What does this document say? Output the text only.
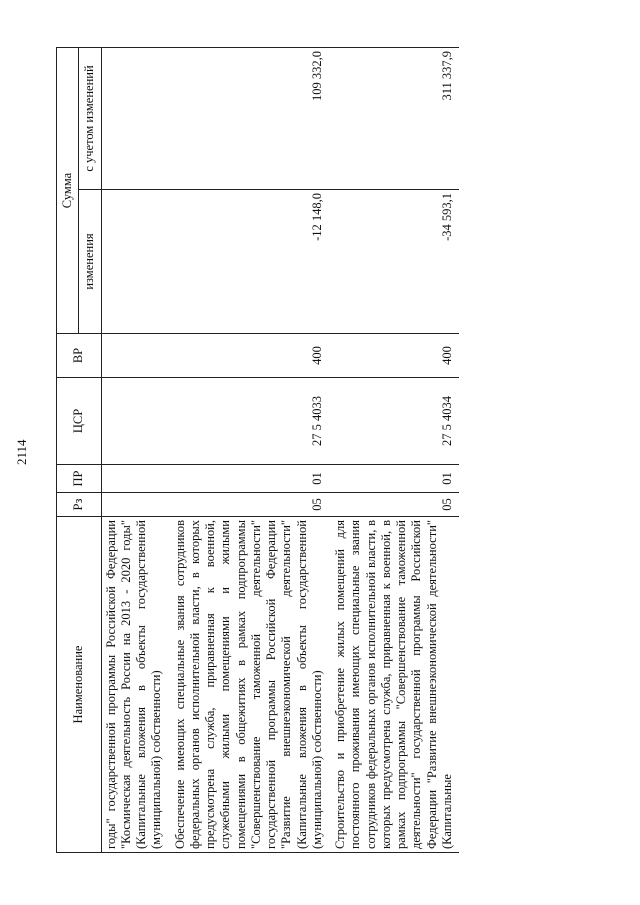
2114
Наименование	Рз	ПР	ЦСР	ВР	Сумма	
					изменения	с учетом изменений
годы" государственной программы Российской Федерации "Космическая деятельность России на 2013 - 2020 годы" (Капитальные вложения в объекты государственной (муниципальной) собственности)						
Обеспечение имеющих специальные звания сотрудников федеральных органов исполнительной власти, в которых предусмотрена служба, приравненная к военной, служебными жилыми помещениями и жилыми помещениями в общежитиях в рамках подпрограммы "Совершенствование таможенной деятельности" государственной программы Российской Федерации "Развитие внешнеэкономической деятельности" (Капитальные вложения в объекты государственной (муниципальной) собственности)	05	01	27 5 4033	400	-12 148,0	109 332,0
Строительство и приобретение жилых помещений для постоянного проживания имеющих специальные звания сотрудников федеральных органов исполнительной власти, в которых предусмотрена служба, приравненная к военной, в рамках подпрограммы "Совершенствование таможенной деятельности" государственной программы Российской Федерации "Развитие внешнеэкономической деятельности" (Капитальные	05	01	27 5 4034	400	-34 593,1	311 337,9
